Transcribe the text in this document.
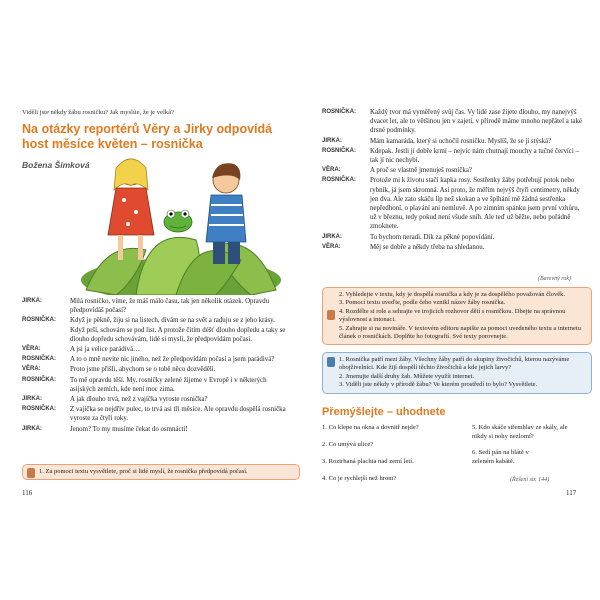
Viděli jste někdy žábu rosničku? Jak myslíte, že je velká?
Na otázky reportérů Věry a Jirky odpovídá host měsíce květen – rosnička
Božena Šimková
JIRKA:	Milá rosničko, víme, že máš málo času, tak jen několik otázek. Opravdu předpovídáš počasí?
ROSNIČKA:	Když je pěkně, žiju si na listech, dívám se na svět a raduju se z jeho krásy. Když prší, schovám se pod list. A protože čítím déšť dlouho dopředu a taky se dlouho dopředu schovávám, lidé si myslí, že předpovídám počasí.
VĚRA:	A jsi ja velice parádivá…
ROSNIČKA:	A to o mně nevíte nic jiného, než že předpovídám počasí a jsem parádivá?
VĚRA:	Proto jsme přišli, abychom se o tobě něco dozvěděli.
ROSNIČKA:	To mě opravdu těší. My, rosničky zelené žijeme v Evropě i v některých asijských zemích, kde není moc zima.
JIRKA:	A jak dlouho trvá, než z vajíčka vyroste rosnička?
ROSNIČKA:	Z vajíčka se nejdřív pulec, to trvá asi tři měsíce. Ale opravdu dospělá rosnička vyroste za čtyři roky.
JIRKA:	Jenom? To my musíme čekat do osmnácti!
1. Za pomoci textu vysvětlete, proč si lidé myslí, že rosnička předpovídá počasí.
116
ROSNIČKA:	Každý tvor má vyměřený svůj čas. Vy lidé zase žijete dlouho, my nanejvýš dvacet let, ale to většinou jen v zajetí, v přírodě máme mnoho nepřátel a také drsné podmínky.
JIRKA:	Mám kamaráda, který si ochočil rosničku. Myslíš, že se jí stýská?
ROSNIČKA:	Kdepak. Jestli jí dobře krmí – nejvíc nám chutnají mouchy a tučné červíci – tak jí nic nechybí.
VĚRA:	A proč se vlastně jmenuješ rosnička?
ROSNIČKA:	Protože mi k životu stačí kapka rosy. Sestřenky žáby potřebují potok nebo rybník, já jsem skromná. Asi proto, že měřím nejvýš čtyři centimetry, někdy jen dva. Ale zato skáču líp než skokan a ve šplhání mě žádná sestřenka nepředhoní, o plavání ani nemluvě. A po zimním spánku jsem první vzhůru, už v březnu, tedy pokud není všude sníh. Ale teď už běžte, nebo pořádně zmoknete.
JIRKA:	To bychom neradi. Dík za pěkné popovídání.
VĚRA:	Měj se dobře a někdy třeba na shledanou.
(Barevný rok)
2. Vyhledejte v textu, kdy je dospělá rosnička a kdy je za dospělého považován člověk.
3. Pomocí textu uveďte, podle čeho vznikl název žáby rosnička.
4. Rozdělte si role a sehrajte ve trojicích rozhovor dětí s rosničkou. Dbejte na správnou výslovnost a intonaci.
5. Zahrajte si na novináře. V textovém editoru napište za pomoci uvedeného textu a internetu článek o rosničkách. Doplňte ho fotografií. Své texty porovnejte.
1. Rosnička patří mezi žáby. Všechny žáby patří do skupiny živočichů, kterou nazýváme obojživelníci. Kde žijí dospělí těchto živočichů a kde jejich larvy?
2. Jmenujte další druhy žab. Můžete využít internet.
3. Viděli jste někdy v přírodě žábu? Ve kterém prostředí to bylo? Vysvětlete.
Přemýšlejte – uhodnete
1. Co klepe na okna a dovnitř nejde?
2. Co umývá ulice?
3. Roztrhaná plachta nad zemí letí.
4. Co je rychlejší než hrom?
5. Kdo skáče střemhlav ze skály, ale nikdy si nohy nezlomí?
6. Sedí pán na blátě v zeleném kabátě.
(Řešení str. 144)
117
